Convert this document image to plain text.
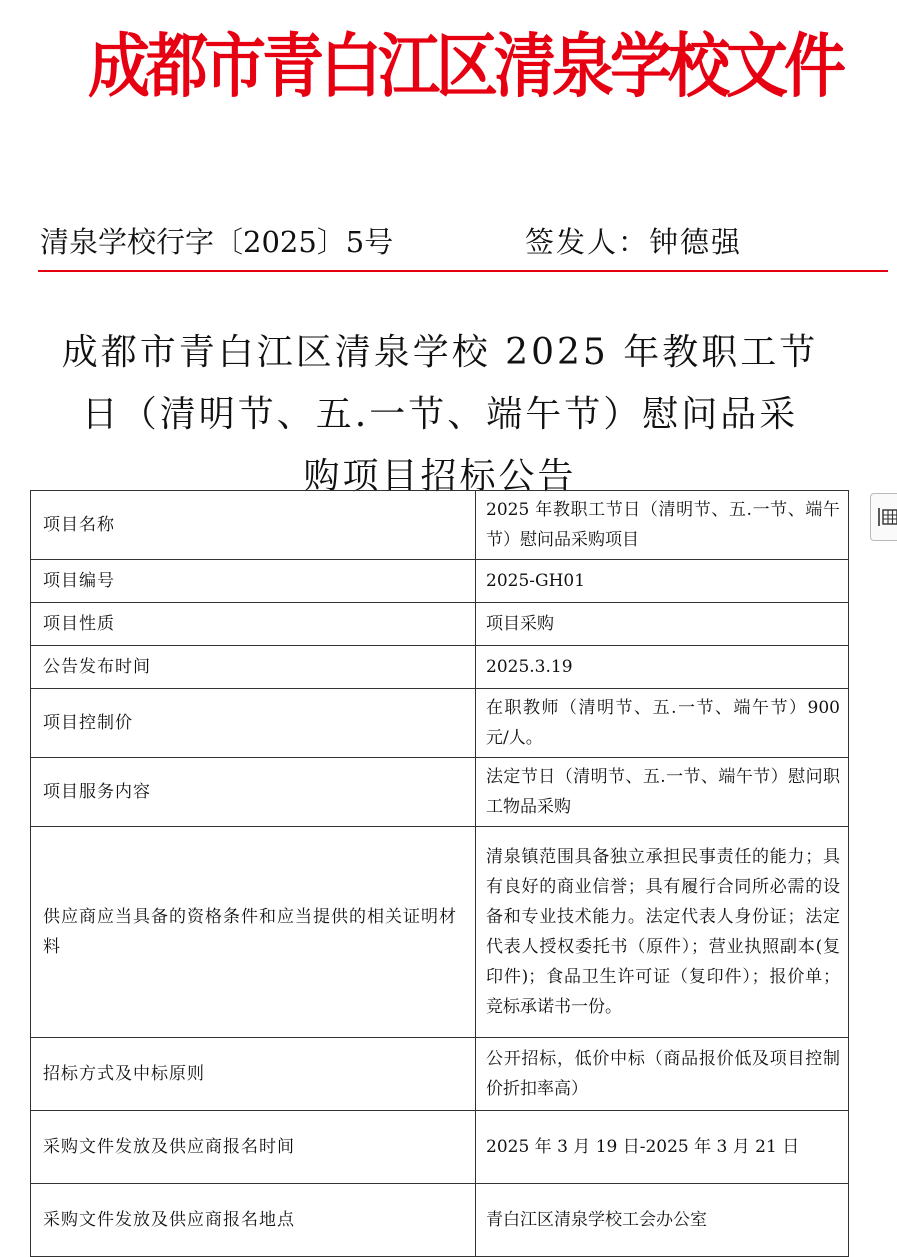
成都市青白江区清泉学校文件
清泉学校行字〔2025〕5号	签发人：钟德强
成都市青白江区清泉学校 2025 年教职工节
日（清明节、五.一节、端午节）慰问品采
购项目招标公告
项目名称	2025 年教职工节日（清明节、五.一节、端午节）慰问品采购项目
项目编号	2025-GH01
项目性质	项目采购
公告发布时间	2025.3.19
项目控制价	在职教师（清明节、五.一节、端午节）900 元/人。
项目服务内容	法定节日（清明节、五.一节、端午节）慰问职工物品采购
供应商应当具备的资格条件和应当提供的相关证明材料	清泉镇范围具备独立承担民事责任的能力；具有良好的商业信誉；具有履行合同所必需的设备和专业技术能力。法定代表人身份证；法定代表人授权委托书（原件）；营业执照副本(复印件)；食品卫生许可证（复印件）；报价单；竞标承诺书一份。
招标方式及中标原则	公开招标，低价中标（商品报价低及项目控制价折扣率高）
采购文件发放及供应商报名时间	2025 年 3 月 19 日-2025 年 3 月 21 日
采购文件发放及供应商报名地点	青白江区清泉学校工会办公室
